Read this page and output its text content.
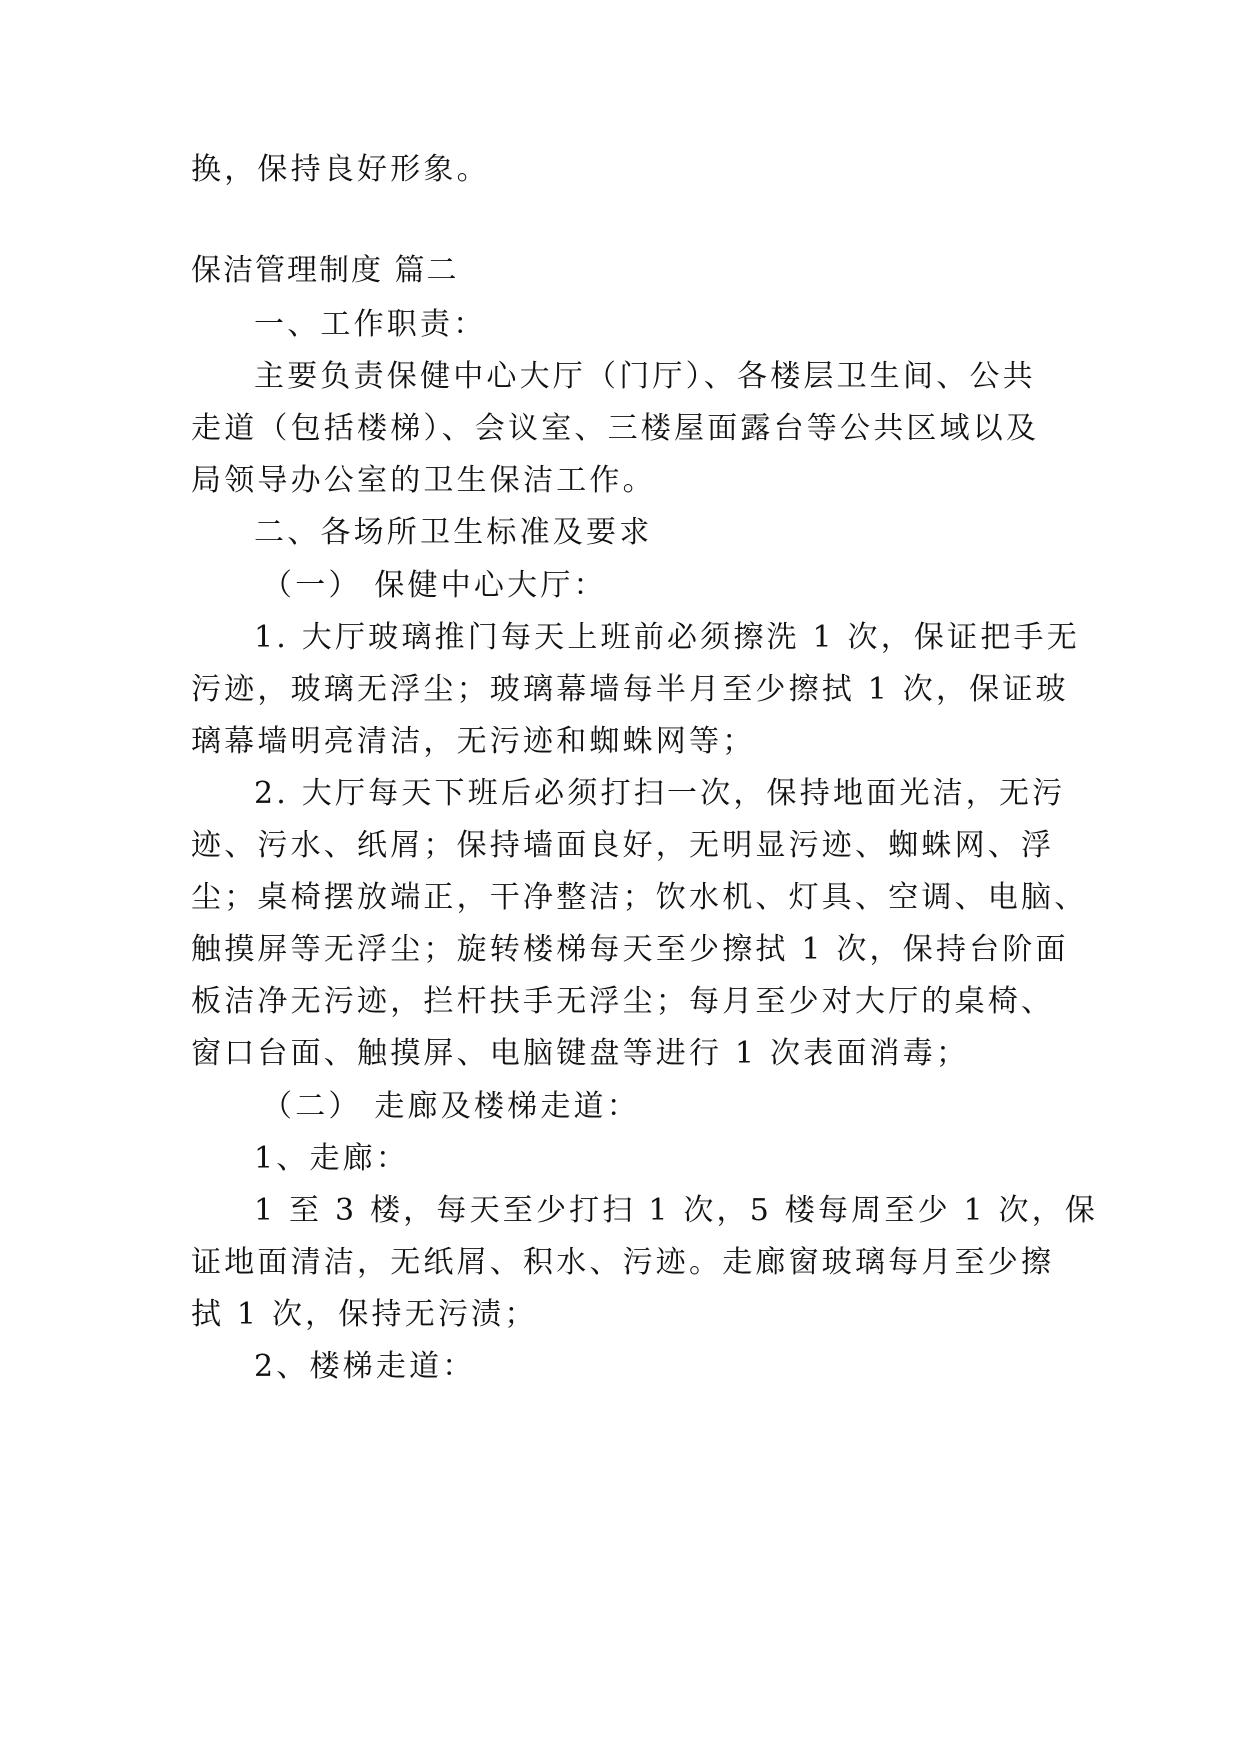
换，保持良好形象。
保洁管理制度 篇二
一、工作职责：
主要负责保健中心大厅（门厅）、各楼层卫生间、公共
走道（包括楼梯）、会议室、三楼屋面露台等公共区域以及
局领导办公室的卫生保洁工作。
二、各场所卫生标准及要求
（一） 保健中心大厅：
1. 大厅玻璃推门每天上班前必须擦洗 1 次，保证把手无
污迹，玻璃无浮尘；玻璃幕墙每半月至少擦拭 1 次，保证玻
璃幕墙明亮清洁，无污迹和蜘蛛网等；
2. 大厅每天下班后必须打扫一次，保持地面光洁，无污
迹、污水、纸屑；保持墙面良好，无明显污迹、蜘蛛网、浮
尘；桌椅摆放端正，干净整洁；饮水机、灯具、空调、电脑、
触摸屏等无浮尘；旋转楼梯每天至少擦拭 1 次，保持台阶面
板洁净无污迹，拦杆扶手无浮尘；每月至少对大厅的桌椅、
窗口台面、触摸屏、电脑键盘等进行 1 次表面消毒；
（二） 走廊及楼梯走道：
1、走廊：
1 至 3 楼，每天至少打扫 1 次，5 楼每周至少 1 次，保
证地面清洁，无纸屑、积水、污迹。走廊窗玻璃每月至少擦
拭 1 次，保持无污渍；
2、楼梯走道：
